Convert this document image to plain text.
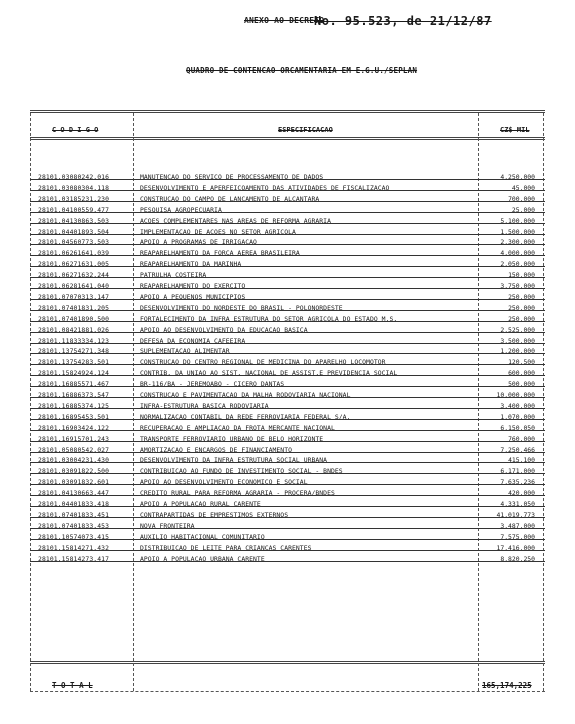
ANEXO AO DECRETO
No. 95.523, de 21/12/87
QUADRO DE CONTENCAO ORCAMENTARIA EM E.G.U./SEPLAN
C O D I G O	ESPECIFICACAO	CZ$ MIL
28101.03080242.016	MANUTENCAO DO SERVICO DE PROCESSAMENTO DE DADOS	4,250,000
28101.03080304.118	DESENVOLVIMENTO E APERFEICOAMENTO DAS ATIVIDADES DE FISCALIZACAO	45,000
28101.03185231.230	CONSTRUCAO DO CAMPO DE LANCAMENTO DE ALCANTARA	700,000
28101.04100559.477	PESQUISA AGROPECUARIA	25,000
28101.04130863.503	ACOES COMPLEMENTARES NAS AREAS DE REFORMA AGRARIA	5,100,000
28101.04401893.504	IMPLEMENTACAO DE ACOES NO SETOR AGRICOLA	1,500,000
28101.04560773.503	APOIO A PROGRAMAS DE IRRIGACAO	2,300,000
28101.06261641.039	REAPARELHAMENTO DA FORCA AEREA BRASILEIRA	4,000,000
28101.06271631.005	REAPARELHAMENTO DA MARINHA	2,050,000
28101.06271632.244	PATRULHA COSTEIRA	150,000
28101.06281641.040	REAPARELHAMENTO DO EXERCITO	3,750,000
28101.07070313.147	APOIO A PEQUENOS MUNICIPIOS	250,000
28101.07401831.205	DESENVOLVIMENTO DO NORDESTE DO BRASIL - POLONORDESTE	250,000
28101.07401890.500	FORTALECIMENTO DA INFRA ESTRUTURA DO SETOR AGRICOLA DO ESTADO M.S.	250,000
28101.08421881.026	APOIO AO DESENVOLVIMENTO DA EDUCACAO BASICA	2,525,000
28101.11833334.123	DEFESA DA ECONOMIA CAFEEIRA	3,500,000
28101.13754271.348	SUPLEMENTACAO ALIMENTAR	1,200,000
28101.13754283.501	CONSTRUCAO DO CENTRO REGIONAL DE MEDICINA DO APARELHO LOCOMOTOR	120,500
28101.15824924.124	CONTRIB. DA UNIAO AO SIST. NACIONAL DE ASSIST.E PREVIDENCIA SOCIAL	600,000
28101.16885571.467	BR-116/BA - JEREMOABO - CICERO DANTAS	500,000
28101.16886373.547	CONSTRUCAO E PAVIMENTACAO DA MALHA RODOVIARIA NACIONAL	10,000,000
28101.16885374.125	INFRA-ESTRUTURA BASICA RODOVIARIA	3,400,000
28101.16895453.501	NORMALIZACAO CONTABIL DA REDE FERROVIARIA FEDERAL S/A.	1,070,000
28101.16903424.122	RECUPERACAO E AMPLIACAO DA FROTA MERCANTE NACIONAL	6,150,050
28101.16915701.243	TRANSPORTE FERROVIARIO URBANO DE BELO HORIZONTE	760,000
28101.05080542.027	AMORTIZACAO E ENCARGOS DE FINANCIAMENTO	7,250,466
28101.03004231.430	DESENVOLVIMENTO DA INFRA ESTRUTURA SOCIAL URBANA	415,100
28101.03091822.500	CONTRIBUICAO AO FUNDO DE INVESTIMENTO SOCIAL - BNDES	6,171,000
28101.03091832.601	APOIO AO DESENVOLVIMENTO ECONOMICO E SOCIAL	7,635,236
28101.04130663.447	CREDITO RURAL PARA REFORMA AGRARIA - PROCERA/BNDES	420,000
28101.04401833.418	APOIO A POPULACAO RURAL CARENTE	4,331,050
28101.07401833.451	CONTRAPARTIDAS DE EMPRESTIMOS EXTERNOS	41,019,773
28101.07401833.453	NOVA FRONTEIRA	3,487,000
28101.10574073.415	AUXILIO HABITACIONAL COMUNITARIO	7,575,000
28101.15814271.432	DISTRIBUICAO DE LEITE PARA CRIANCAS CARENTES	17,416,000
28101.15814273.417	APOIO A POPULACAO URBANA CARENTE	8,820,250
T O T A L	165,174,225
